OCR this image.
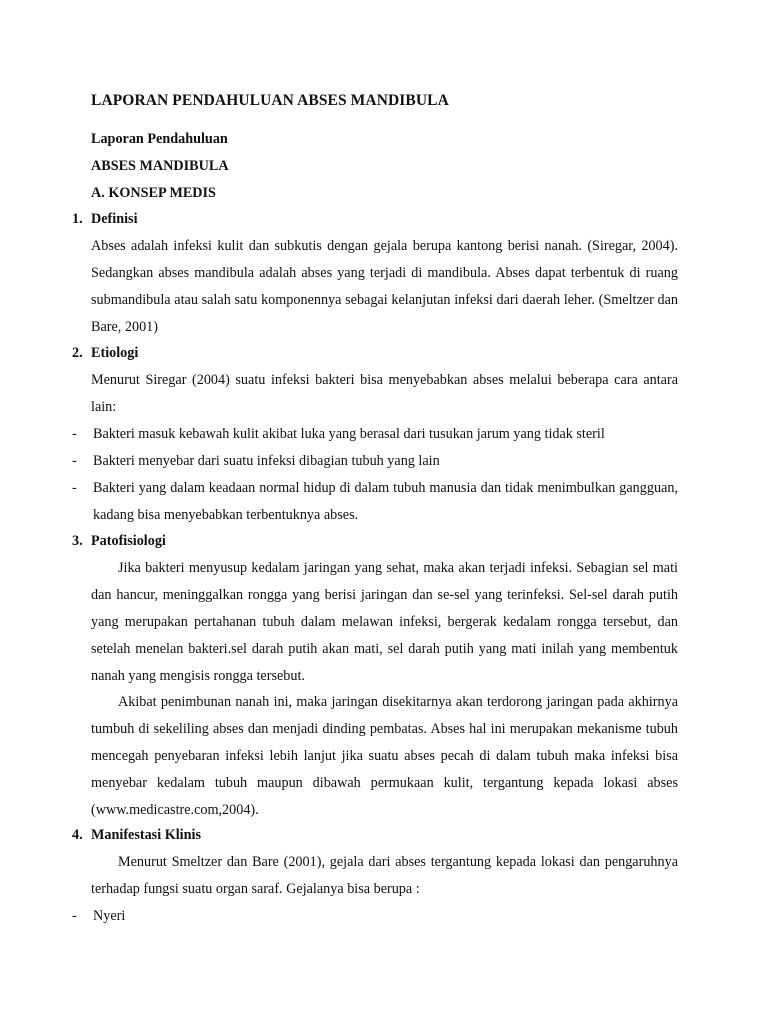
LAPORAN PENDAHULUAN ABSES MANDIBULA
Laporan Pendahuluan
ABSES MANDIBULA
A. KONSEP MEDIS
1. Definisi

Abses adalah infeksi kulit dan subkutis dengan gejala berupa kantong berisi nanah. (Siregar, 2004). Sedangkan abses mandibula adalah abses yang terjadi di mandibula. Abses dapat terbentuk di ruang submandibula atau salah satu komponennya sebagai kelanjutan infeksi dari daerah leher. (Smeltzer dan Bare, 2001)

2. Etiologi

Menurut Siregar (2004) suatu infeksi bakteri bisa menyebabkan abses melalui beberapa cara antara lain:

- Bakteri masuk kebawah kulit akibat luka yang berasal dari tusukan jarum yang tidak steril
- Bakteri menyebar dari suatu infeksi dibagian tubuh yang lain
- Bakteri yang dalam keadaan normal hidup di dalam tubuh manusia dan tidak menimbulkan gangguan, kadang bisa menyebabkan terbentuknya abses.
3. Patofisiologi

Jika bakteri menyusup kedalam jaringan yang sehat, maka akan terjadi infeksi. Sebagian sel mati dan hancur, meninggalkan rongga yang berisi jaringan dan se-sel yang terinfeksi. Sel-sel darah putih yang merupakan pertahanan tubuh dalam melawan infeksi, bergerak kedalam rongga tersebut, dan setelah menelan bakteri.sel darah putih akan mati, sel darah putih yang mati inilah yang membentuk nanah yang mengisis rongga tersebut.

Akibat penimbunan nanah ini, maka jaringan disekitarnya akan terdorong jaringan pada akhirnya tumbuh di sekeliling abses dan menjadi dinding pembatas. Abses hal ini merupakan mekanisme tubuh mencegah penyebaran infeksi lebih lanjut jika suatu abses pecah di dalam tubuh maka infeksi bisa menyebar kedalam tubuh maupun dibawah permukaan kulit, tergantung kepada lokasi abses (www.medicastre.com,2004).

4. Manifestasi Klinis

Menurut Smeltzer dan Bare (2001), gejala dari abses tergantung kepada lokasi dan pengaruhnya terhadap fungsi suatu organ saraf. Gejalanya bisa berupa :

- Nyeri
